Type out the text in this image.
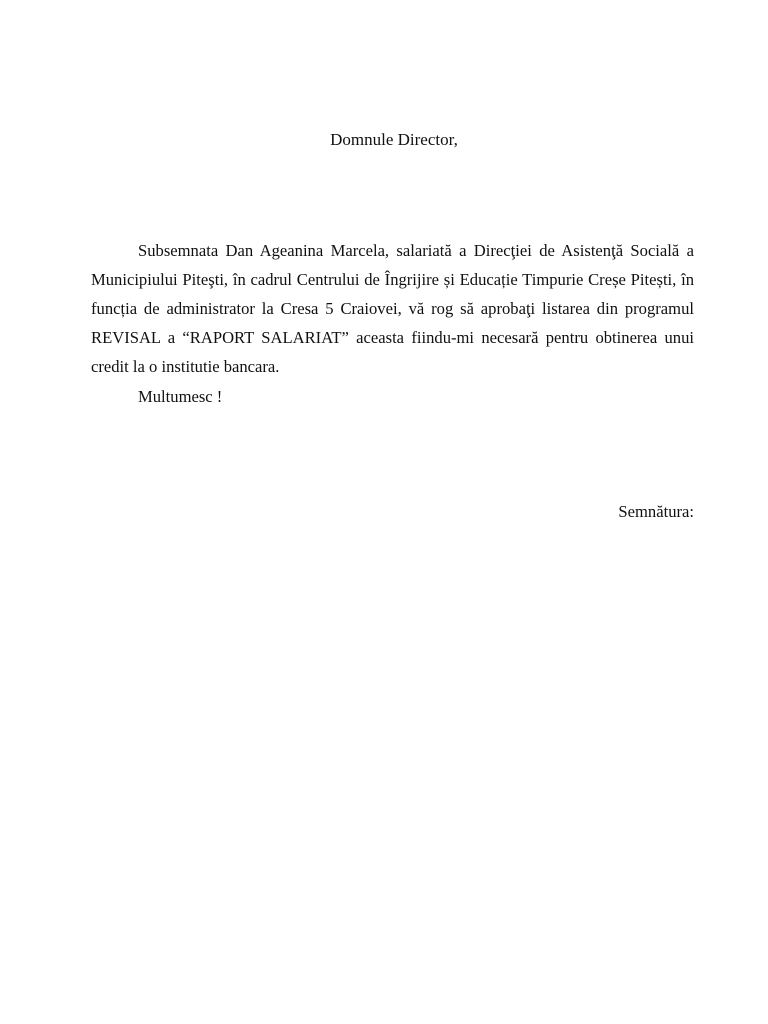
Domnule Director,

Subsemnata Dan Ageanina Marcela, salariată a Direcţiei de Asistenţă Socială a Municipiului Piteşti, în cadrul Centrului de Îngrijire și Educație Timpurie Creșe Pitești, în funcția de administrator la Cresa 5 Craiovei, vă rog să aprobaţi listarea din programul REVISAL a “RAPORT SALARIAT” aceasta fiindu-mi necesară pentru obtinerea unui credit la o institutie bancara.

Multumesc !

Semnătura:
